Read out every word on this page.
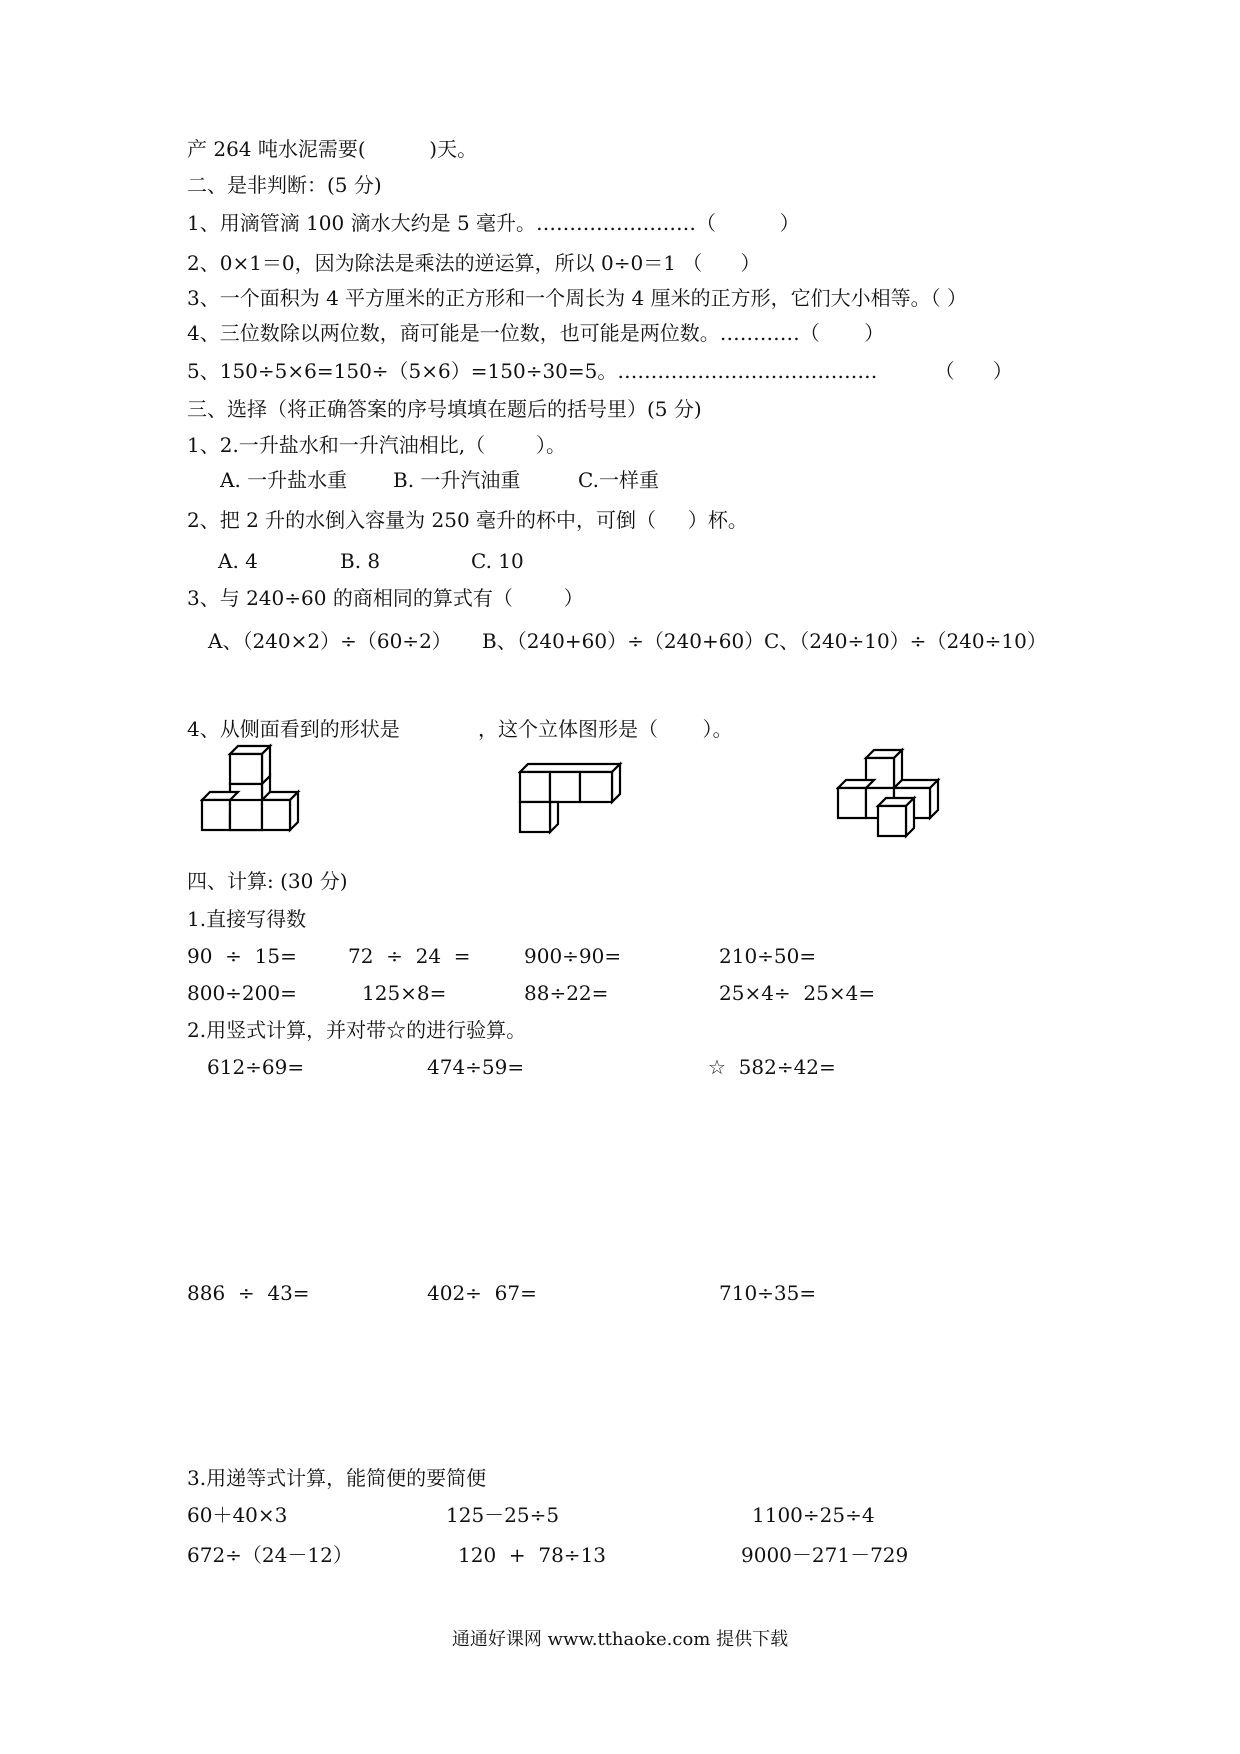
产 264 吨水泥需要(          )天。
二、是非判断：(5 分)
1、用滴管滴 100 滴水大约是 5 毫升。……………………（          ）
2、0×1＝0，因为除法是乘法的逆运算，所以 0÷0＝1 （      ）
3、一个面积为 4 平方厘米的正方形和一个周长为 4 厘米的正方形，它们大小相等。（ ）
4、三位数除以两位数，商可能是一位数，也可能是两位数。…………（       ）
5、150÷5×6=150÷（5×6）=150÷30=5。…………………………………         （      ）
三、选择（将正确答案的序号填填在题后的括号里）(5 分)
1、2.一升盐水和一升汽油相比,（        ）。
A. 一升盐水重 B. 一升汽油重	C.一样重
2、把 2 升的水倒入容量为 250 毫升的杯中，可倒（     ）杯。
A. 4	B. 8	C. 10
3、与 240÷60 的商相同的算式有（        ）
A、（240×2）÷（60÷2） B、（240+60）÷（240+60） C、（240÷10）÷（240÷10）
4、从侧面看到的形状是	，这个立体图形是（       ）。
四、计算: (30 分)
1.直接写得数
90  ÷  15=	72  ÷  24  =	900÷90=	210÷50=
800÷200=	125×8=	88÷22=	25×4÷  25×4=
2.用竖式计算，并对带☆的进行验算。
612÷69=	474÷59=	☆  582÷42=
886  ÷  43=	402÷  67=	710÷35=
3.用递等式计算，能简便的要简便
60＋40×3	125－25÷5	1100÷25÷4
672÷（24－12）	120  +  78÷13	9000－271－729
通通好课网 www.tthaoke.com 提供下载
